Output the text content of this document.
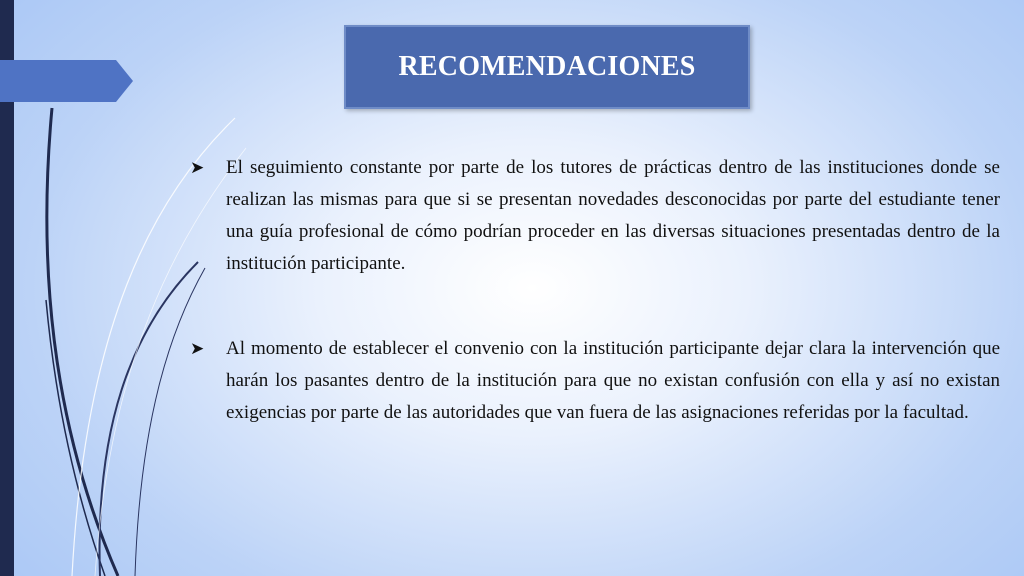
RECOMENDACIONES
➤	El seguimiento constante por parte de los tutores de prácticas dentro de las instituciones donde se realizan las mismas para que si se presentan novedades desconocidas por parte del estudiante tener una guía profesional de cómo podrían proceder en las diversas situaciones presentadas dentro de la institución participante.

➤	Al momento de establecer el convenio con la institución participante dejar clara la intervención que harán los pasantes dentro de la institución para que no existan confusión con ella y así no existan exigencias por parte de las autoridades que van fuera de las asignaciones referidas por la facultad.
